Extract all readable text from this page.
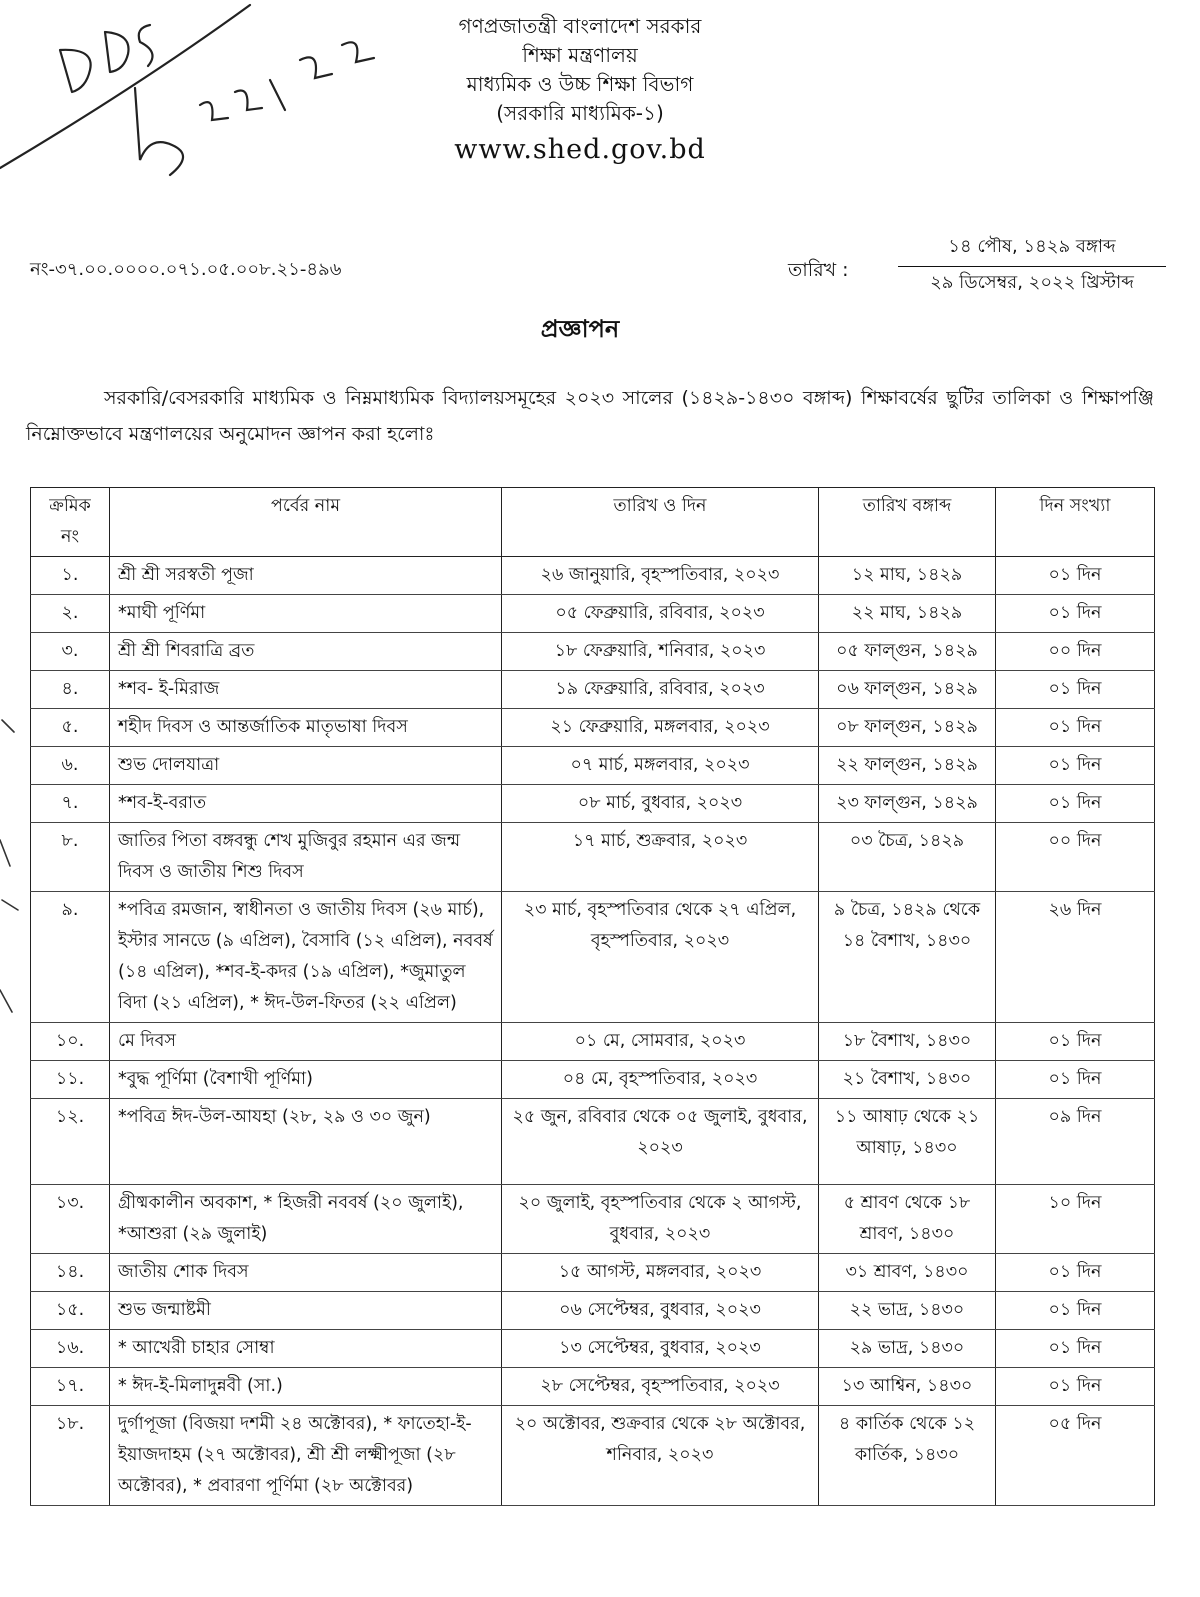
গণপ্রজাতন্ত্রী বাংলাদেশ সরকার
শিক্ষা মন্ত্রণালয়
মাধ্যমিক ও উচ্চ শিক্ষা বিভাগ
(সরকারি মাধ্যমিক-১)
www.shed.gov.bd
নং-৩৭.০০.০০০০.০৭১.০৫.০০৮.২১-৪৯৬	তারিখ :
১৪ পৌষ, ১৪২৯ বঙ্গাব্দ
২৯ ডিসেম্বর, ২০২২ খ্রিস্টাব্দ
প্রজ্ঞাপন
সরকারি/বেসরকারি মাধ্যমিক ও নিম্নমাধ্যমিক বিদ্যালয়সমূহের ২০২৩ সালের (১৪২৯-১৪৩০ বঙ্গাব্দ) শিক্ষাবর্ষের ছুটির তালিকা ও শিক্ষাপঞ্জি নিম্নোক্তভাবে মন্ত্রণালয়ের অনুমোদন জ্ঞাপন করা হলোঃ
ক্রমিক নং	পর্বের নাম	তারিখ ও দিন	তারিখ বঙ্গাব্দ	দিন সংখ্যা
১.	শ্রী শ্রী সরস্বতী পূজা	২৬ জানুয়ারি, বৃহস্পতিবার, ২০২৩	১২ মাঘ, ১৪২৯	০১ দিন
২.	*মাঘী পূর্ণিমা	০৫ ফেব্রুয়ারি, রবিবার, ২০২৩	২২ মাঘ, ১৪২৯	০১ দিন
৩.	শ্রী শ্রী শিবরাত্রি ব্রত	১৮ ফেব্রুয়ারি, শনিবার, ২০২৩	০৫ ফাল্গুন, ১৪২৯	০০ দিন
৪.	*শব- ই-মিরাজ	১৯ ফেব্রুয়ারি, রবিবার, ২০২৩	০৬ ফাল্গুন, ১৪২৯	০১ দিন
৫.	শহীদ দিবস ও আন্তর্জাতিক মাতৃভাষা দিবস	২১ ফেব্রুয়ারি, মঙ্গলবার, ২০২৩	০৮ ফাল্গুন, ১৪২৯	০১ দিন
৬.	শুভ দোলযাত্রা	০৭ মার্চ, মঙ্গলবার, ২০২৩	২২ ফাল্গুন, ১৪২৯	০১ দিন
৭.	*শব-ই-বরাত	০৮ মার্চ, বুধবার, ২০২৩	২৩ ফাল্গুন, ১৪২৯	০১ দিন
৮.	জাতির পিতা বঙ্গবন্ধু শেখ মুজিবুর রহমান এর জন্ম দিবস ও জাতীয় শিশু দিবস	১৭ মার্চ, শুক্রবার, ২০২৩	০৩ চৈত্র, ১৪২৯	০০ দিন
৯.	*পবিত্র রমজান, স্বাধীনতা ও জাতীয় দিবস (২৬ মার্চ), ইস্টার সানডে (৯ এপ্রিল), বৈসাবি (১২ এপ্রিল), নববর্ষ (১৪ এপ্রিল), *শব-ই-কদর (১৯ এপ্রিল), *জুমাতুল বিদা (২১ এপ্রিল), * ঈদ-উল-ফিতর (২২ এপ্রিল)	২৩ মার্চ, বৃহস্পতিবার থেকে ২৭ এপ্রিল, বৃহস্পতিবার, ২০২৩	৯ চৈত্র, ১৪২৯ থেকে ১৪ বৈশাখ, ১৪৩০	২৬ দিন
১০.	মে দিবস	০১ মে, সোমবার, ২০২৩	১৮ বৈশাখ, ১৪৩০	০১ দিন
১১.	*বুদ্ধ পূর্ণিমা (বৈশাখী পূর্ণিমা)	০৪ মে, বৃহস্পতিবার, ২০২৩	২১ বৈশাখ, ১৪৩০	০১ দিন
১২.	*পবিত্র ঈদ-উল-আযহা (২৮, ২৯ ও ৩০ জুন)	২৫ জুন, রবিবার থেকে ০৫ জুলাই, বুধবার, ২০২৩	১১ আষাঢ় থেকে ২১ আষাঢ়, ১৪৩০	০৯ দিন
১৩.	গ্রীষ্মকালীন অবকাশ, * হিজরী নববর্ষ (২০ জুলাই), *আশুরা (২৯ জুলাই)	২০ জুলাই, বৃহস্পতিবার থেকে ২ আগস্ট, বুধবার, ২০২৩	৫ শ্রাবণ থেকে ১৮ শ্রাবণ, ১৪৩০	১০ দিন
১৪.	জাতীয় শোক দিবস	১৫ আগস্ট, মঙ্গলবার, ২০২৩	৩১ শ্রাবণ, ১৪৩০	০১ দিন
১৫.	শুভ জন্মাষ্টমী	০৬ সেপ্টেম্বর, বুধবার, ২০২৩	২২ ভাদ্র, ১৪৩০	০১ দিন
১৬.	* আখেরী চাহার সোম্বা	১৩ সেপ্টেম্বর, বুধবার, ২০২৩	২৯ ভাদ্র, ১৪৩০	০১ দিন
১৭.	* ঈদ-ই-মিলাদুন্নবী (সা.)	২৮ সেপ্টেম্বর, বৃহস্পতিবার, ২০২৩	১৩ আশ্বিন, ১৪৩০	০১ দিন
১৮.	দুর্গাপূজা (বিজয়া দশমী ২৪ অক্টোবর), * ফাতেহা-ই-ইয়াজদাহম (২৭ অক্টোবর), শ্রী শ্রী লক্ষ্মীপূজা (২৮ অক্টোবর), * প্রবারণা পূর্ণিমা (২৮ অক্টোবর)	২০ অক্টোবর, শুক্রবার থেকে ২৮ অক্টোবর, শনিবার, ২০২৩	৪ কার্তিক থেকে ১২ কার্তিক, ১৪৩০	০৫ দিন
